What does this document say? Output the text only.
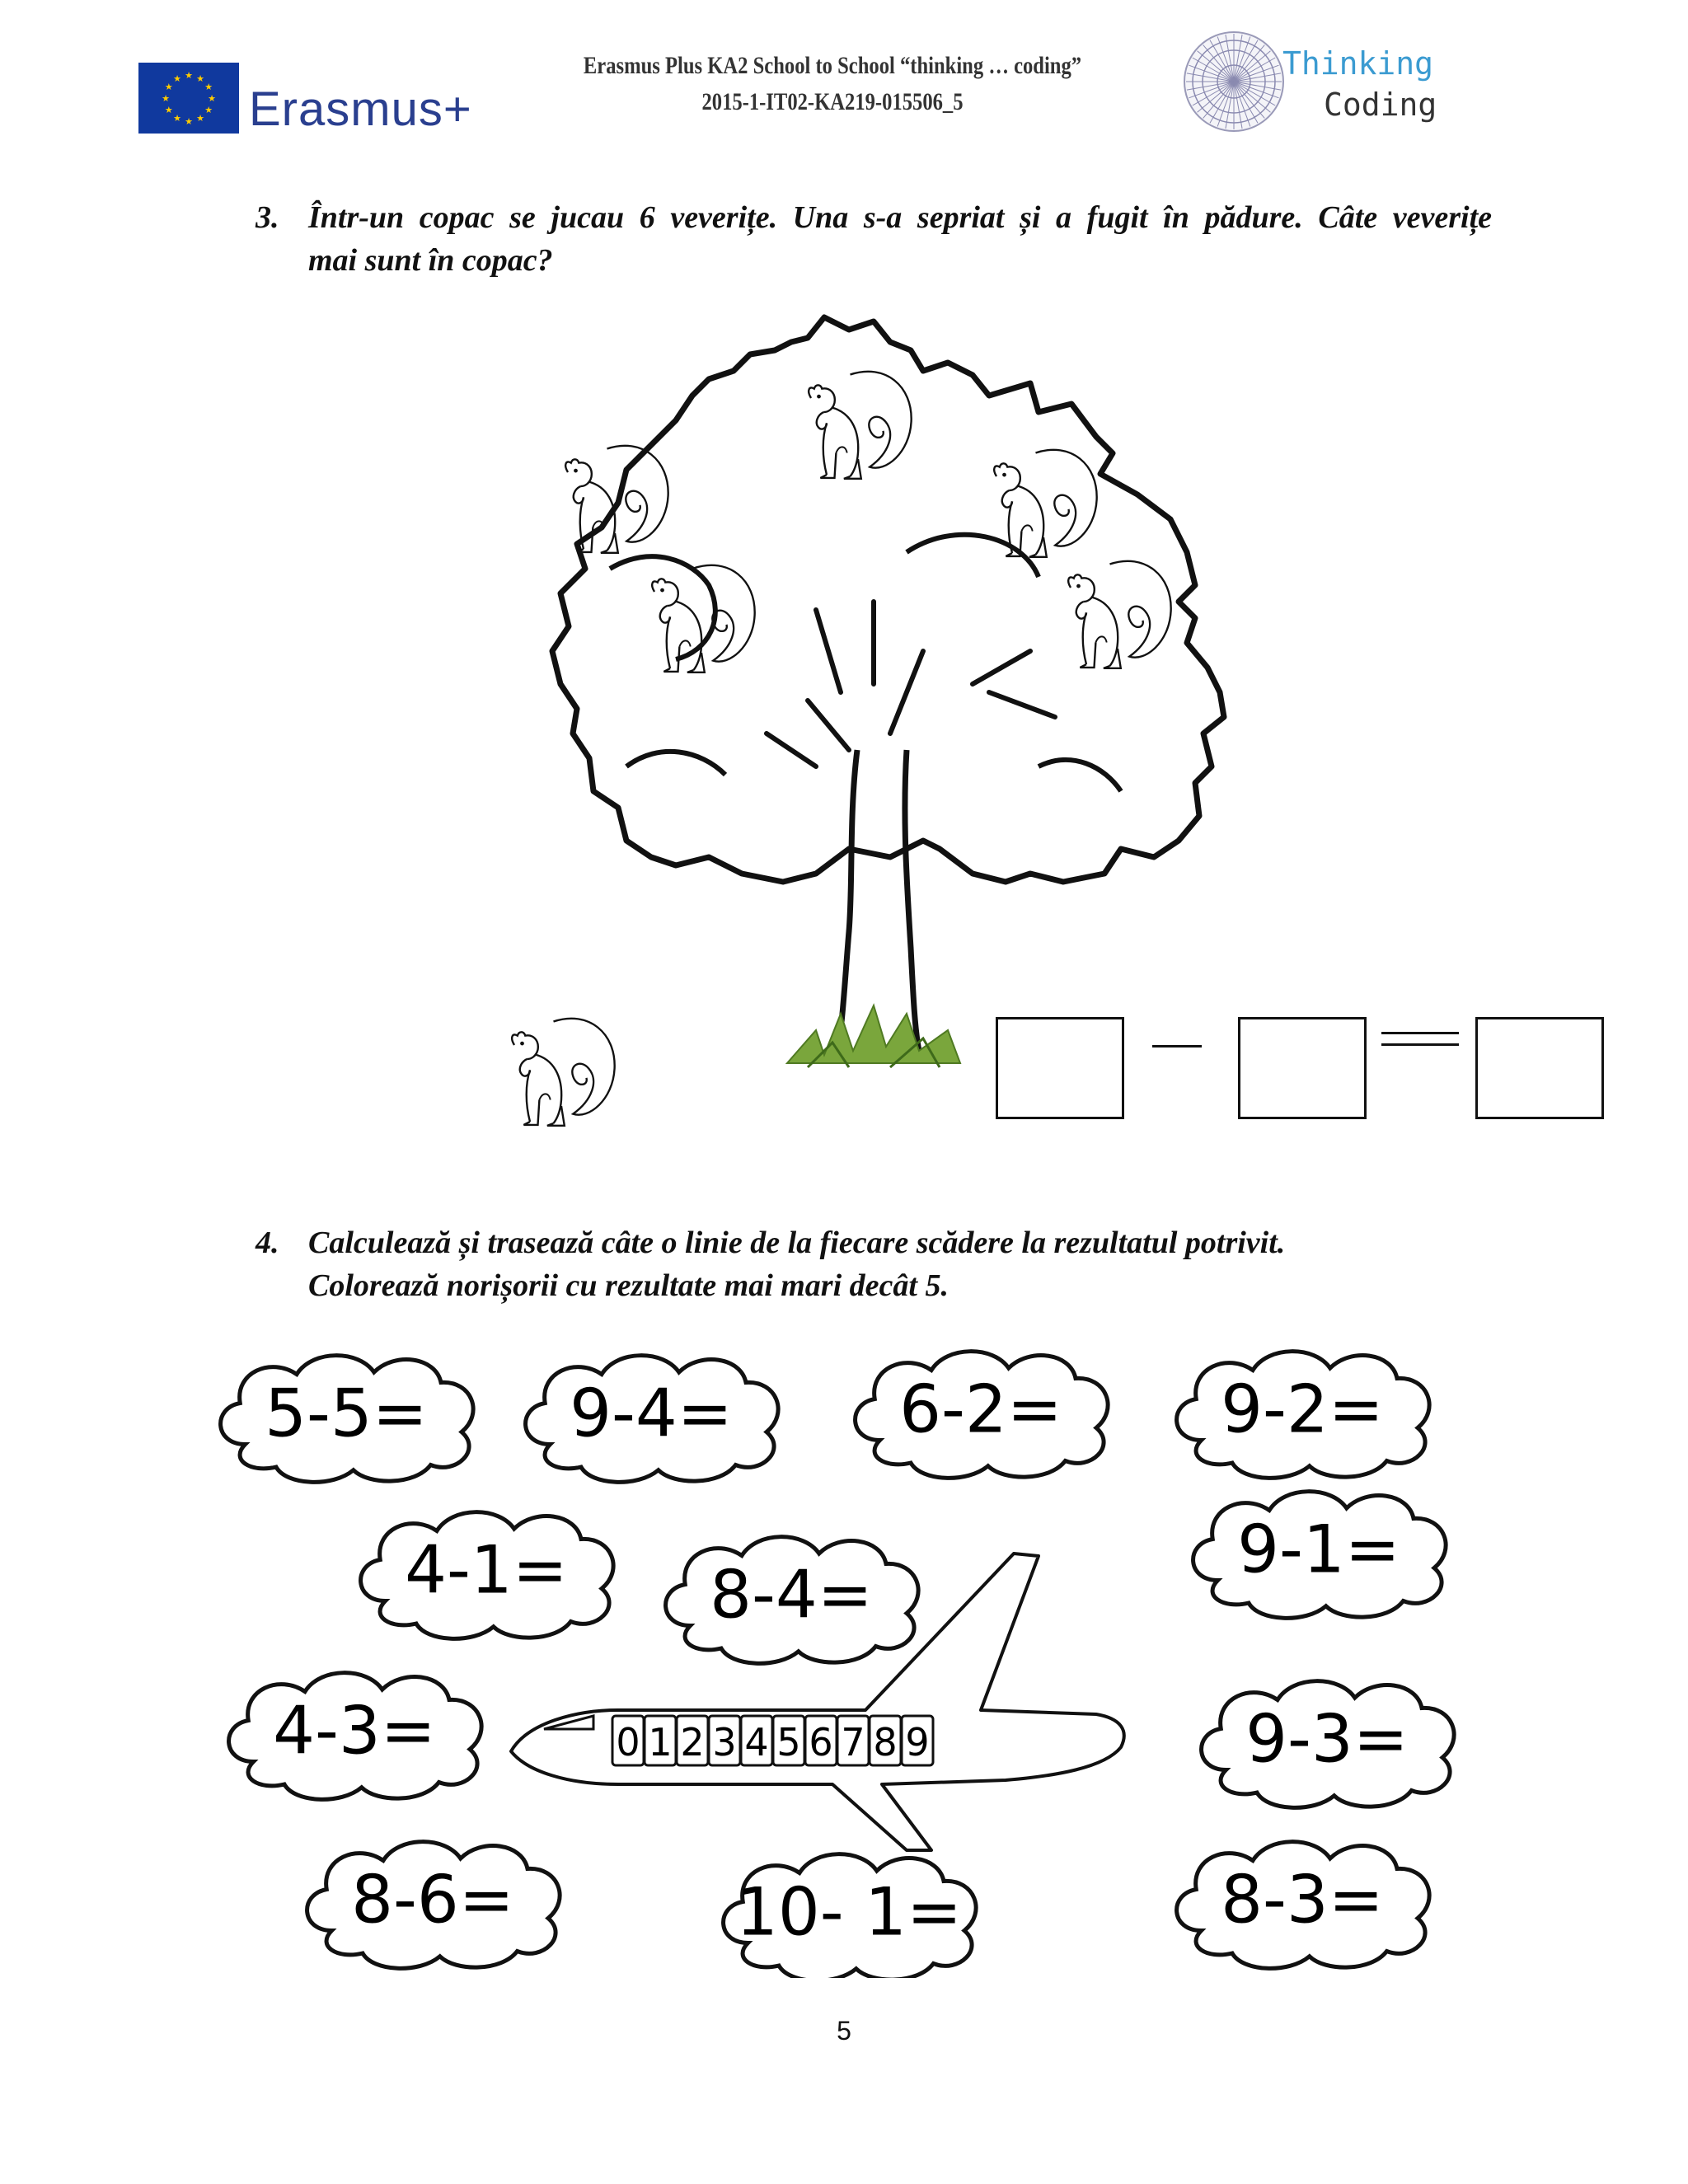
★
★
★
★
★
★
★
★
★ ★ ★
★ Erasmus+
Erasmus Plus KA2 School to School “thinking … coding”
2015-1-IT02-KA219-015506_5
Thinking
Coding
3. Într-un copac se jucau 6 veverițe. Una s-a sepriat și a fugit în pădure. Câte veverițe
mai sunt în copac?
4. Calculează și trasează câte o linie de la fiecare scădere la rezultatul potrivit.
Colorează norișorii cu rezultate mai mari decât 5.
5-5=	9-4=	6-2=	9-2=
4-1=	8-4=
9-1=
4-3=	9-3=
8-6=	10- 1=	8-3=
0 1 2 3 4 5 6 7 8 9
5
